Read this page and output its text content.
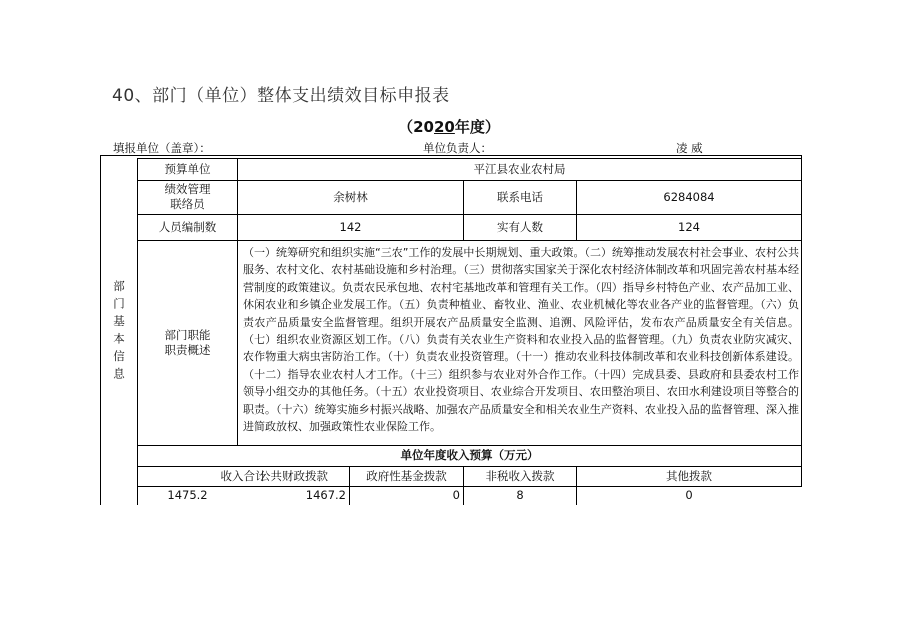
40、部门（单位）整体支出绩效目标申报表
（2020年度）
填报单位（盖章）：	单位负责人：	凌 威
部门基本信息
预算单位	平江县农业农村局
绩效管理
联络员
余树林	联系电话	6284084
人员编制数	142	实有人数	124
部门职能
职责概述
（一）统筹研究和组织实施“三农”工作的发展中长期规划、重大政策。（二）统筹推动发展农村社会事业、农村公共服务、农村文化、农村基础设施和乡村治理。（三）贯彻落实国家关于深化农村经济体制改革和巩固完善农村基本经营制度的政策建议。负责农民承包地、农村宅基地改革和管理有关工作。（四）指导乡村特色产业、农产品加工业、休闲农业和乡镇企业发展工作。（五）负责种植业、畜牧业、渔业、农业机械化等农业各产业的监督管理。（六）负责农产品质量安全监督管理。组织开展农产品质量安全监测、追溯、风险评估，发布农产品质量安全有关信息。（七）组织农业资源区划工作。（八）负责有关农业生产资料和农业投入品的监督管理。（九）负责农业防灾减灾、农作物重大病虫害防治工作。（十）负责农业投资管理。（十一）推动农业科技体制改革和农业科技创新体系建设。（十二）指导农业农村人才工作。（十三）组织参与农业对外合作工作。（十四）完成县委、县政府和县委农村工作领导小组交办的其他任务。（十五）农业投资项目、农业综合开发项目、农田整治项目、农田水利建设项目等整合的职责。（十六）统筹实施乡村振兴战略、加强农产品质量安全和相关农业生产资料、农业投入品的监督管理、深入推进简政放权、加强政策性农业保险工作。
单位年度收入预算（万元）
收入合计
公共财政拨款	政府性基金拨款	非税收入拨款	其他拨款
1475.2	1467.2	0	8	0
